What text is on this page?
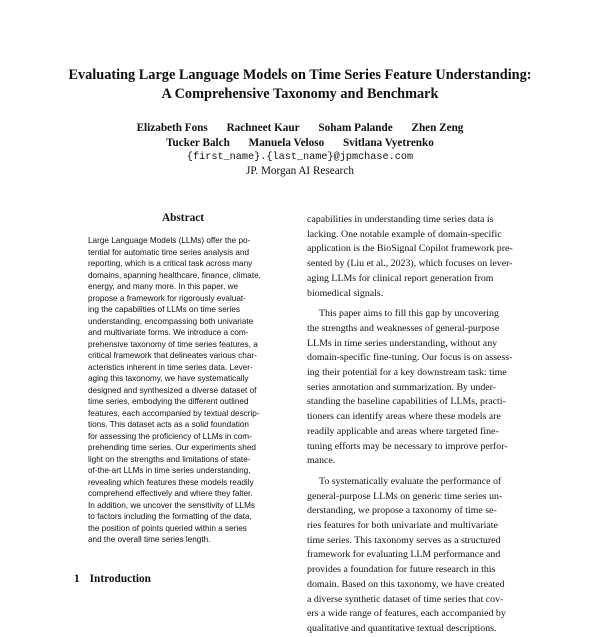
Evaluating Large Language Models on Time Series Feature Understanding:
A Comprehensive Taxonomy and Benchmark
Elizabeth Fons Rachneet Kaur Soham Palande Zhen Zeng
Tucker Balch Manuela Veloso Svitlana Vyetrenko
{first_name}.{last_name}@jpmchase.com
JP. Morgan AI Research
Abstract
Large Language Models (LLMs) offer the po-
tential for automatic time series analysis and
reporting, which is a critical task across many
domains, spanning healthcare, finance, climate,
energy, and many more. In this paper, we
propose a framework for rigorously evaluat-
ing the capabilities of LLMs on time series
understanding, encompassing both univariate
and multivariate forms. We introduce a com-
prehensive taxonomy of time series features, a
critical framework that delineates various char-
acteristics inherent in time series data. Lever-
aging this taxonomy, we have systematically
designed and synthesized a diverse dataset of
time series, embodying the different outlined
features, each accompanied by textual descrip-
tions. This dataset acts as a solid foundation
for assessing the proficiency of LLMs in com-
prehending time series. Our experiments shed
light on the strengths and limitations of state-
of-the-art LLMs in time series understanding,
revealing which features these models readily
comprehend effectively and where they falter.
In addition, we uncover the sensitivity of LLMs
to factors including the formatting of the data,
the position of points queried within a series
and the overall time series length.
1 Introduction
capabilities in understanding time series data is
lacking. One notable example of domain-specific
application is the BioSignal Copilot framework pre-
sented by (Liu et al., 2023), which focuses on lever-
aging LLMs for clinical report generation from
biomedical signals.
This paper aims to fill this gap by uncovering
the strengths and weaknesses of general-purpose
LLMs in time series understanding, without any
domain-specific fine-tuning. Our focus is on assess-
ing their potential for a key downstream task: time
series annotation and summarization. By under-
standing the baseline capabilities of LLMs, practi-
tioners can identify areas where these models are
readily applicable and areas where targeted fine-
tuning efforts may be necessary to improve perfor-
mance.
To systematically evaluate the performance of
general-purpose LLMs on generic time series un-
derstanding, we propose a taxonomy of time se-
ries features for both univariate and multivariate
time series. This taxonomy serves as a structured
framework for evaluating LLM performance and
provides a foundation for future research in this
domain. Based on this taxonomy, we have created
a diverse synthetic dataset of time series that cov-
ers a wide range of features, each accompanied by
qualitative and quantitative textual descriptions.
